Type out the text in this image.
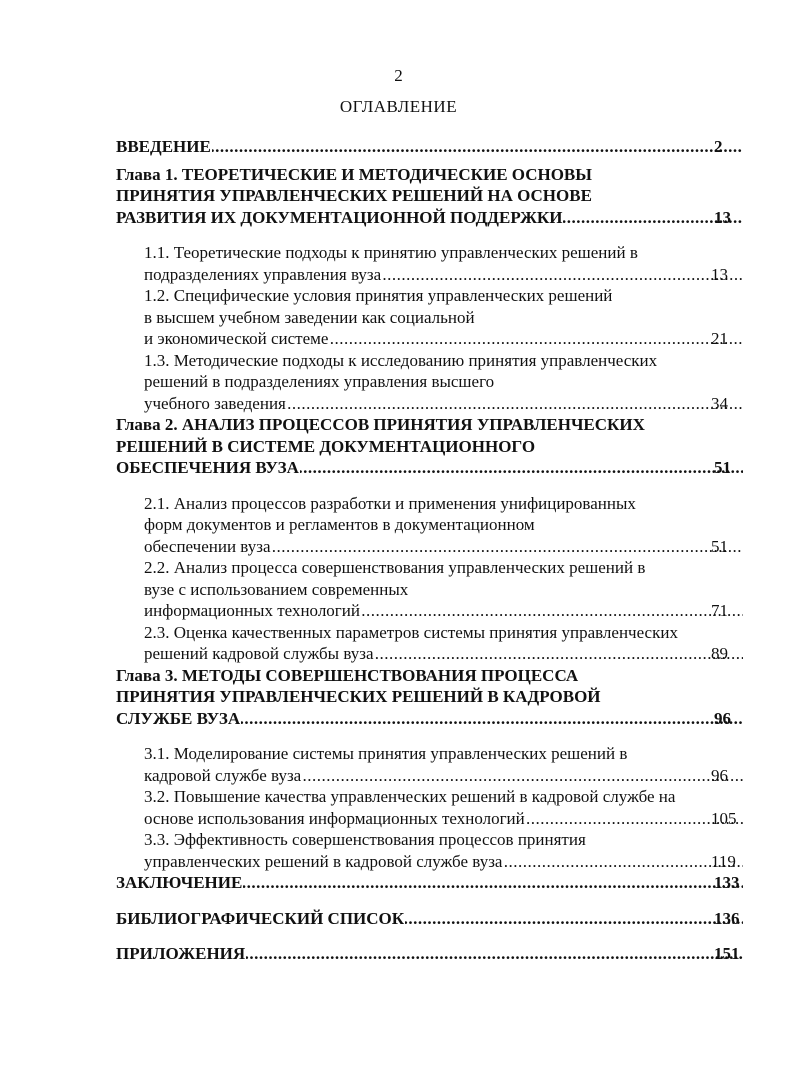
2
ОГЛАВЛЕНИЕ
ВВЕДЕНИЕ .....	2
Глава 1. ТЕОРЕТИЧЕСКИЕ И МЕТОДИЧЕСКИЕ ОСНОВЫ
ПРИНЯТИЯ УПРАВЛЕНЧЕСКИХ РЕШЕНИЙ НА ОСНОВЕ
РАЗВИТИЯ ИХ ДОКУМЕНТАЦИОННОЙ ПОДДЕРЖКИ .....	13
1.1. Теоретические подходы к принятию управленческих решений в
подразделениях управления вуза .....	13
1.2. Специфические условия принятия управленческих решений
в высшем учебном заведении как социальной
и экономической системе .....	21
1.3. Методические подходы к исследованию принятия управленческих
решений в подразделениях управления высшего
учебного заведения .....	34
Глава 2. АНАЛИЗ ПРОЦЕССОВ ПРИНЯТИЯ УПРАВЛЕНЧЕСКИХ
РЕШЕНИЙ В СИСТЕМЕ ДОКУМЕНТАЦИОННОГО
ОБЕСПЕЧЕНИЯ ВУЗА .....	51
2.1. Анализ процессов разработки и применения унифицированных
форм документов и регламентов в документационном
обеспечении вуза .....	51
2.2. Анализ процесса совершенствования управленческих решений в
вузе с использованием современных
информационных технологий .....	71
2.3. Оценка качественных параметров системы принятия управленческих
решений кадровой службы вуза .....	89
Глава 3. МЕТОДЫ СОВЕРШЕНСТВОВАНИЯ ПРОЦЕССА
ПРИНЯТИЯ УПРАВЛЕНЧЕСКИХ РЕШЕНИЙ В КАДРОВОЙ
СЛУЖБЕ ВУЗА .....	96
3.1. Моделирование системы принятия управленческих решений в
кадровой службе вуза .....	96
3.2. Повышение качества управленческих решений в кадровой службе на
основе использования информационных технологий .....	105
3.3. Эффективность совершенствования процессов принятия
управленческих решений в кадровой службе вуза .....	119
ЗАКЛЮЧЕНИЕ .....	133
БИБЛИОГРАФИЧЕСКИЙ СПИСОК .....	136
ПРИЛОЖЕНИЯ .....	151
